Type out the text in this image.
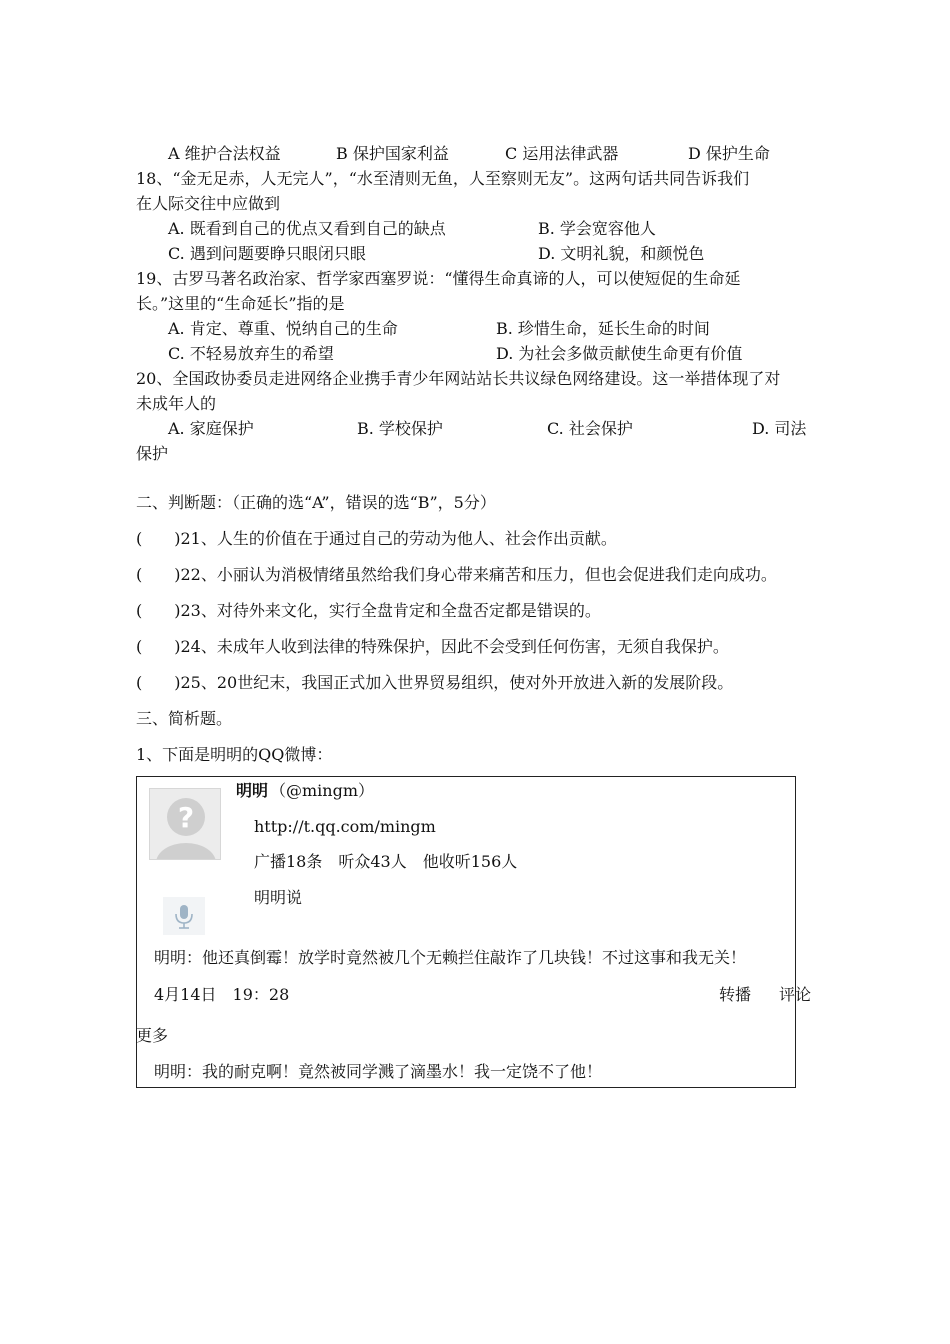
A 维护合法权益	B 保护国家利益	C 运用法律武器	D 保护生命
18、“金无足赤，人无完人”，“水至清则无鱼，人至察则无友”。这两句话共同告诉我们
在人际交往中应做到
A. 既看到自己的优点又看到自己的缺点	B. 学会宽容他人
C. 遇到问题要睁只眼闭只眼	D. 文明礼貌，和颜悦色
19、古罗马著名政治家、哲学家西塞罗说：“懂得生命真谛的人，可以使短促的生命延
长。”这里的“生命延长”指的是
A. 肯定、尊重、悦纳自己的生命	B. 珍惜生命，延长生命的时间
C. 不轻易放弃生的希望	D. 为社会多做贡献使生命更有价值
20、全国政协委员走进网络企业携手青少年网站站长共议绿色网络建设。这一举措体现了对
未成年人的
A. 家庭保护	B. 学校保护	C. 社会保护	D. 司法
保护
二、判断题：（正确的选“A”，错误的选“B”，5分）
(　　)21、人生的价值在于通过自己的劳动为他人、社会作出贡献。
(　　)22、小丽认为消极情绪虽然给我们身心带来痛苦和压力，但也会促进我们走向成功。
(　　)23、对待外来文化，实行全盘肯定和全盘否定都是错误的。
(　　)24、未成年人收到法律的特殊保护，因此不会受到任何伤害，无须自我保护。
(　　)25、20世纪末，我国正式加入世界贸易组织，使对外开放进入新的发展阶段。
三、简析题。
1、下面是明明的QQ微博：
?
明明 （@mingm）
http://t.qq.com/mingm
广播18条　听众43人　他收听156人
明明说
明明：他还真倒霉！放学时竟然被几个无赖拦住敲诈了几块钱！不过这事和我无关！
4月14日　19：28	转播 评论
更多
明明：我的耐克啊！竟然被同学溅了滴墨水！我一定饶不了他！
